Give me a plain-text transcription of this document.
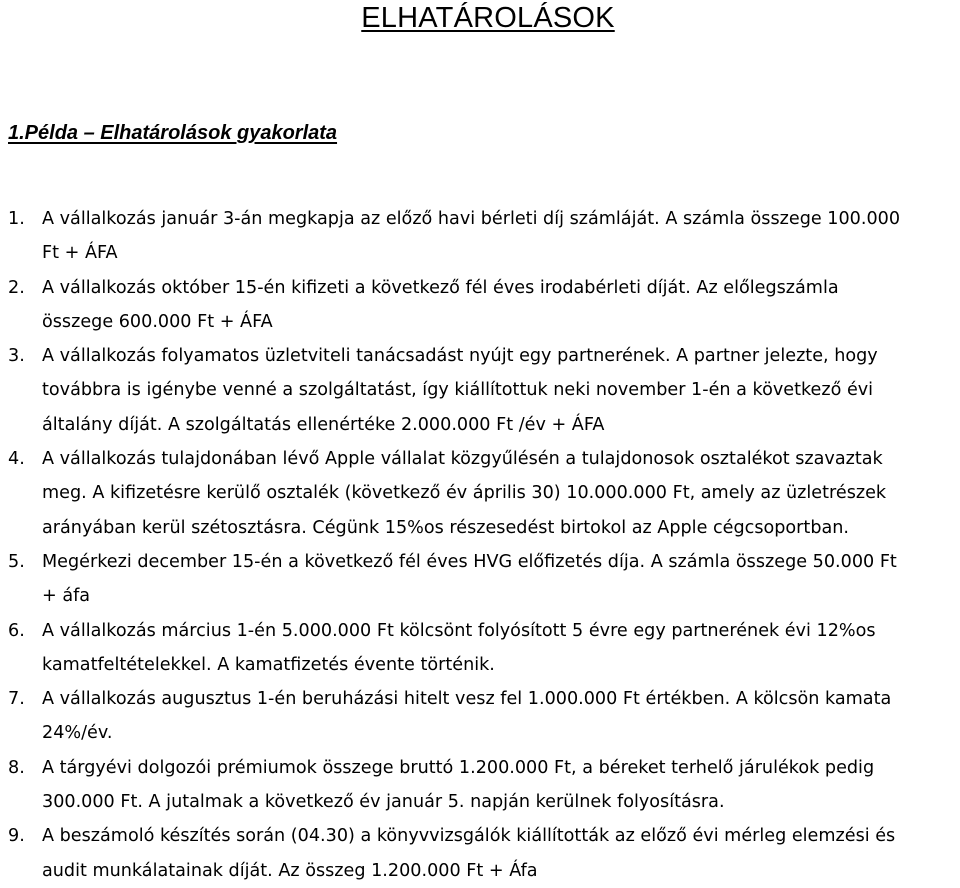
ELHATÁROLÁSOK
1.Példa – Elhatárolások gyakorlata
1. A vállalkozás január 3-án megkapja az előző havi bérleti díj számláját. A számla összege 100.000
Ft + ÁFA
2. A vállalkozás október 15-én kifizeti a következő fél éves irodabérleti díját. Az előlegszámla
összege 600.000 Ft + ÁFA
3. A vállalkozás folyamatos üzletviteli tanácsadást nyújt egy partnerének. A partner jelezte, hogy
továbbra is igénybe venné a szolgáltatást, így kiállítottuk neki november 1-én a következő évi
általány díját. A szolgáltatás ellenértéke 2.000.000 Ft /év + ÁFA
4. A vállalkozás tulajdonában lévő Apple vállalat közgyűlésén a tulajdonosok osztalékot szavaztak
meg. A kifizetésre kerülő osztalék (következő év április 30) 10.000.000 Ft, amely az üzletrészek
arányában kerül szétosztásra. Cégünk 15%os részesedést birtokol az Apple cégcsoportban.
5. Megérkezi december 15-én a következő fél éves HVG előfizetés díja. A számla összege 50.000 Ft
+ áfa
6. A vállalkozás március 1-én 5.000.000 Ft kölcsönt folyósított 5 évre egy partnerének évi 12%os
kamatfeltételekkel. A kamatfizetés évente történik.
7. A vállalkozás augusztus 1-én beruházási hitelt vesz fel 1.000.000 Ft értékben. A kölcsön kamata
24%/év.
8. A tárgyévi dolgozói prémiumok összege bruttó 1.200.000 Ft, a béreket terhelő járulékok pedig
300.000 Ft. A jutalmak a következő év január 5. napján kerülnek folyosításra.
9. A beszámoló készítés során (04.30) a könyvvizsgálók kiállították az előző évi mérleg elemzési és
audit munkálatainak díját. Az összeg 1.200.000 Ft + Áfa
